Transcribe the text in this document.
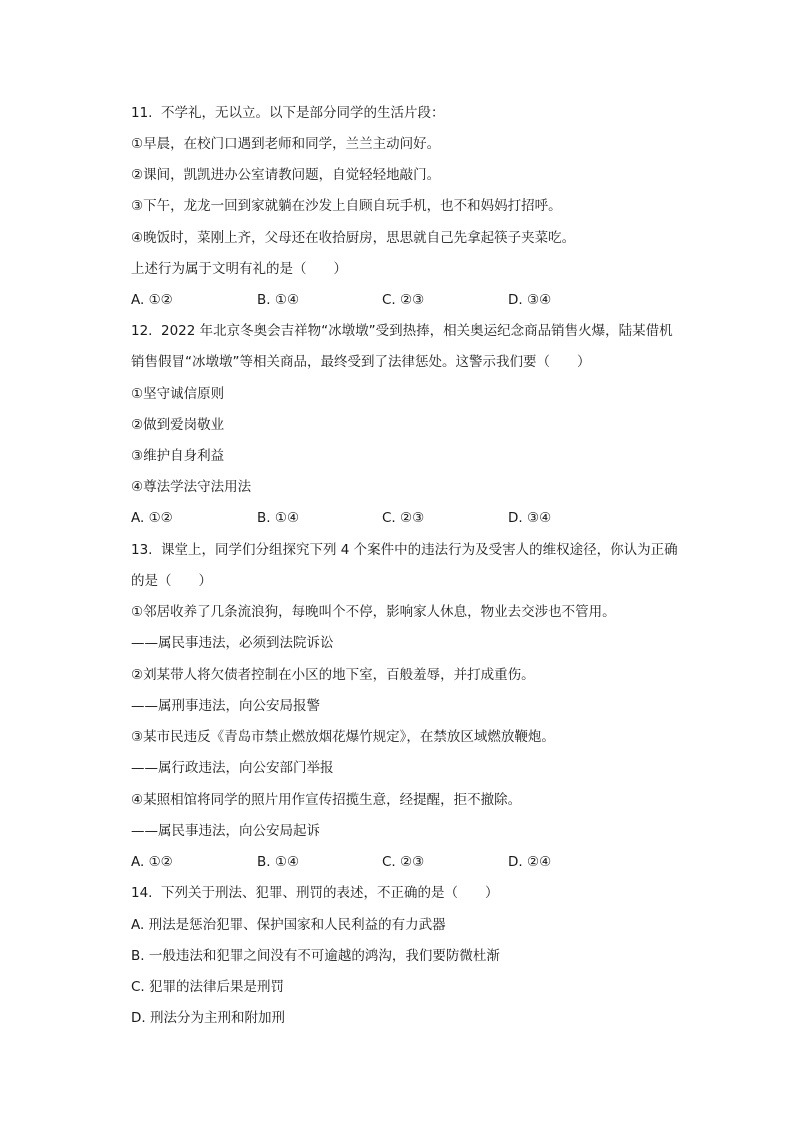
11. 不学礼，无以立。以下是部分同学的生活片段：
①早晨，在校门口遇到老师和同学，兰兰主动问好。
②课间，凯凯进办公室请教问题，自觉轻轻地敲门。
③下午，龙龙一回到家就躺在沙发上自顾自玩手机，也不和妈妈打招呼。
④晚饭时，菜刚上齐，父母还在收拾厨房，思思就自己先拿起筷子夹菜吃。
上述行为属于文明有礼的是（　　）
A. ①②	B. ①④	C. ②③	D. ③④
12. 2022 年北京冬奥会吉祥物“冰墩墩”受到热捧，相关奥运纪念商品销售火爆，陆某借机
销售假冒“冰墩墩”等相关商品，最终受到了法律惩处。这警示我们要（　　）
①坚守诚信原则
②做到爱岗敬业
③维护自身利益
④尊法学法守法用法
A. ①②	B. ①④	C. ②③	D. ③④
13. 课堂上，同学们分组探究下列 4 个案件中的违法行为及受害人的维权途径，你认为正确
的是（　　）
①邻居收养了几条流浪狗，每晚叫个不停，影响家人休息，物业去交涉也不管用。
——属民事违法，必须到法院诉讼
②刘某带人将欠债者控制在小区的地下室，百般羞辱，并打成重伤。
——属刑事违法，向公安局报警
③某市民违反《青岛市禁止燃放烟花爆竹规定》，在禁放区域燃放鞭炮。
——属行政违法，向公安部门举报
④某照相馆将同学的照片用作宣传招揽生意，经提醒，拒不撤除。
——属民事违法，向公安局起诉
A. ①②	B. ①④	C. ②③	D. ②④
14. 下列关于刑法、犯罪、刑罚的表述，不正确的是（　　）
A. 刑法是惩治犯罪、保护国家和人民利益的有力武器
B. 一般违法和犯罪之间没有不可逾越的鸿沟，我们要防微杜渐
C. 犯罪的法律后果是刑罚
D. 刑法分为主刑和附加刑
